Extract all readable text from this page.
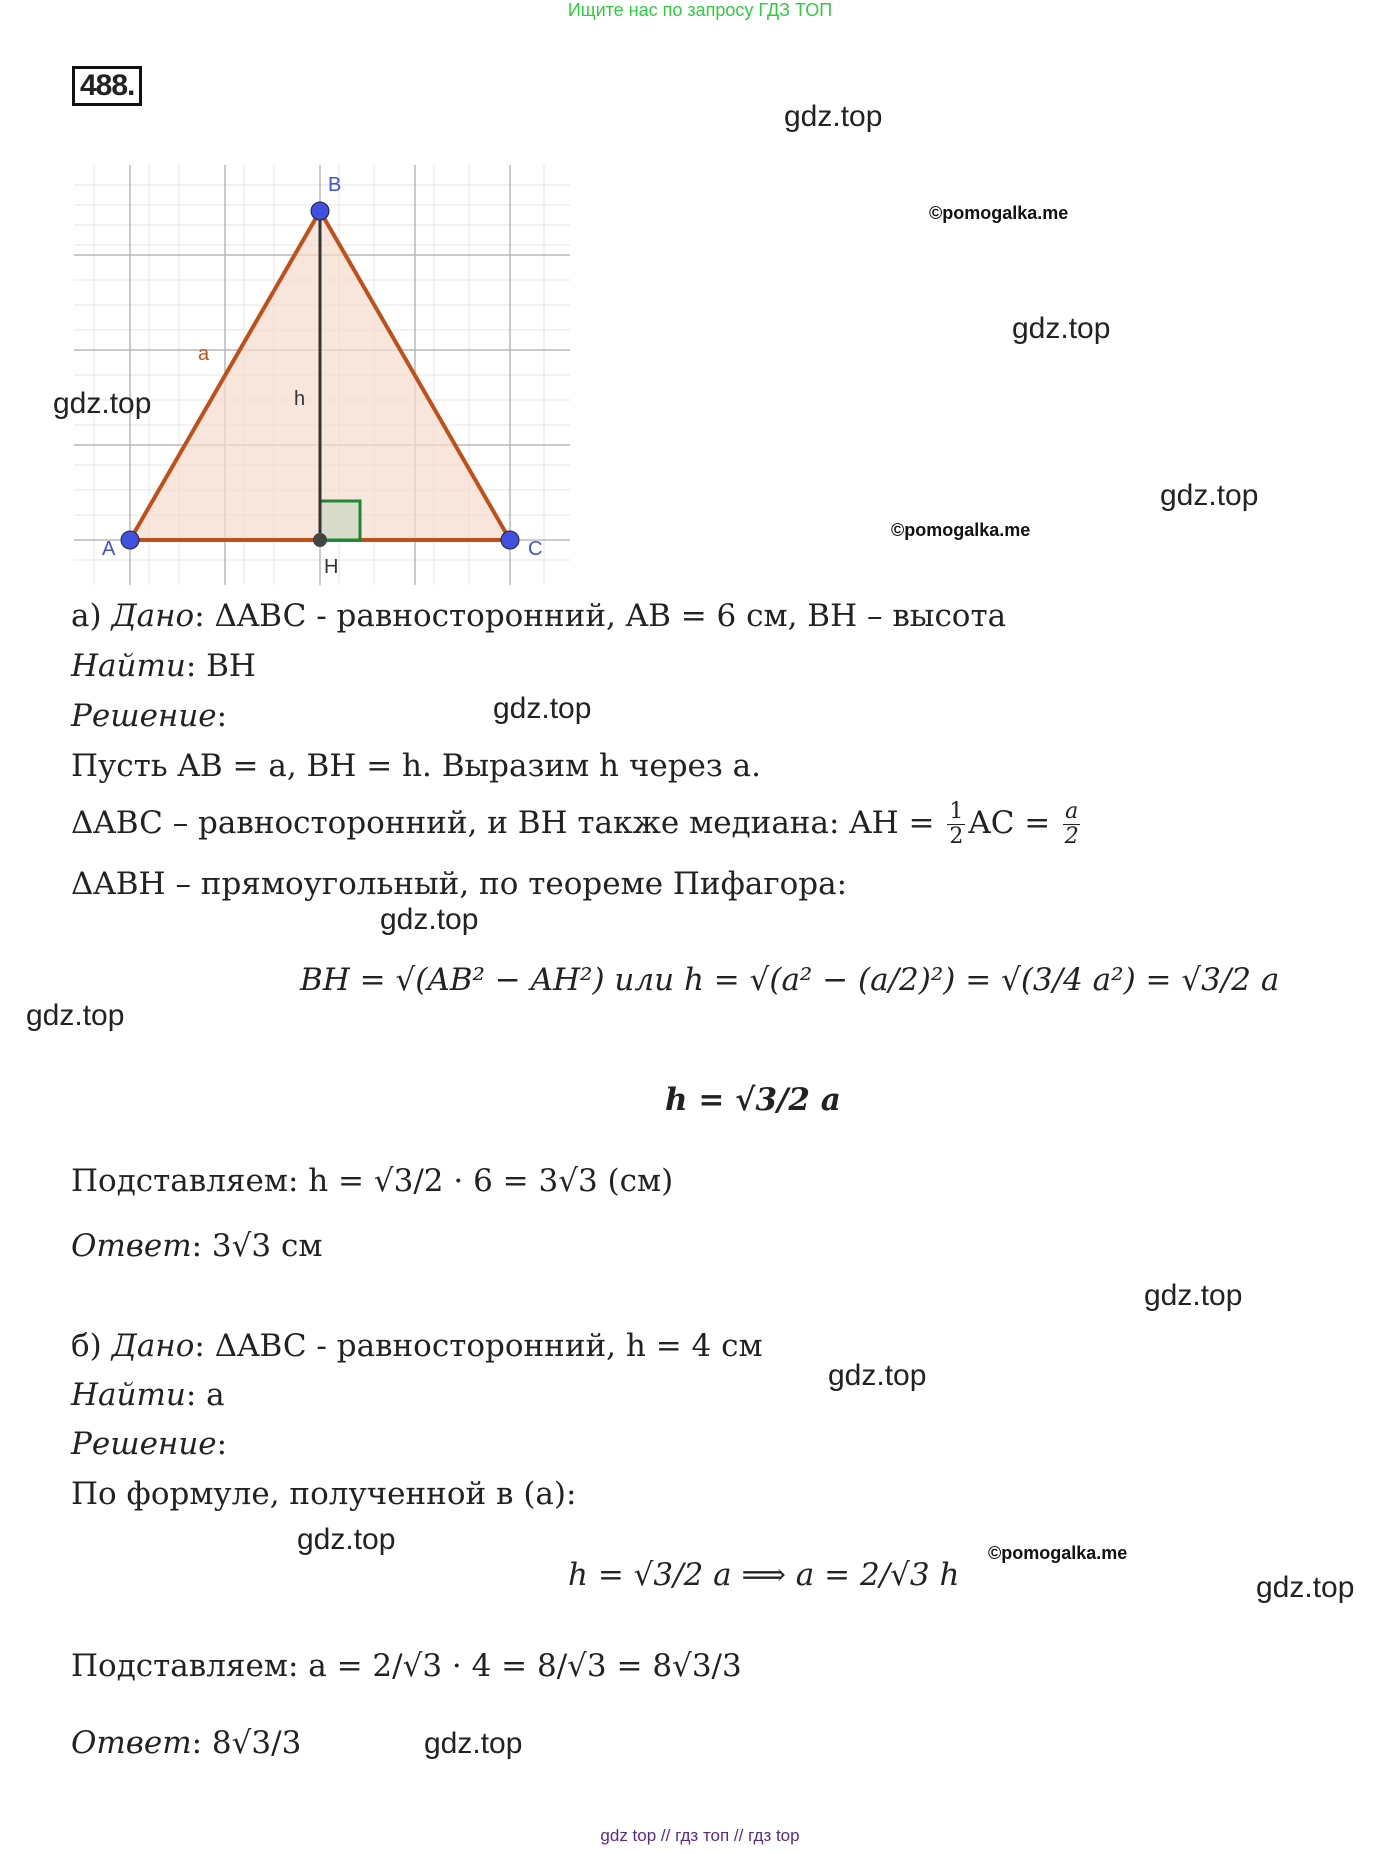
Ищите нас по запросу ГДЗ ТОП
488.
A
B
C
H
a
h
а) Дано: ΔABC - равносторонний, AB = 6 см, BH – высота
Найти: BH
Решение:
Пусть AB = a, BH = h. Выразим h через a.
ΔABC – равносторонний, и BH также медиана: AH = $\frac{1}{2}$ AC = $\frac{a}{2}$
ΔABH – прямоугольный, по теореме Пифагора:
BH = √(AB² − AH²) или h = √(a² − (a/2)²) = √(3/4 a²) = √3/2 a
h = √3/2 a
Подставляем: h = √3/2 · 6 = 3√3 (см)
Ответ: 3√3 см
б) Дано: ΔABC - равносторонний, h = 4 см
Найти: a
Решение:
По формуле, полученной в (а):
h = √3/2 a ⟹ a = 2/√3 h
Подставляем: a = 2/√3 · 4 = 8/√3 = 8√3/3
Ответ: 8√3/3
gdz.top
gdz.top
gdz.top
gdz.top
gdz.top
gdz.top
gdz.top
gdz.top
gdz.top
gdz.top
gdz.top
gdz.top
©pomogalka.me
©pomogalka.me
©pomogalka.me
gdz top // гдз топ // гдз top
